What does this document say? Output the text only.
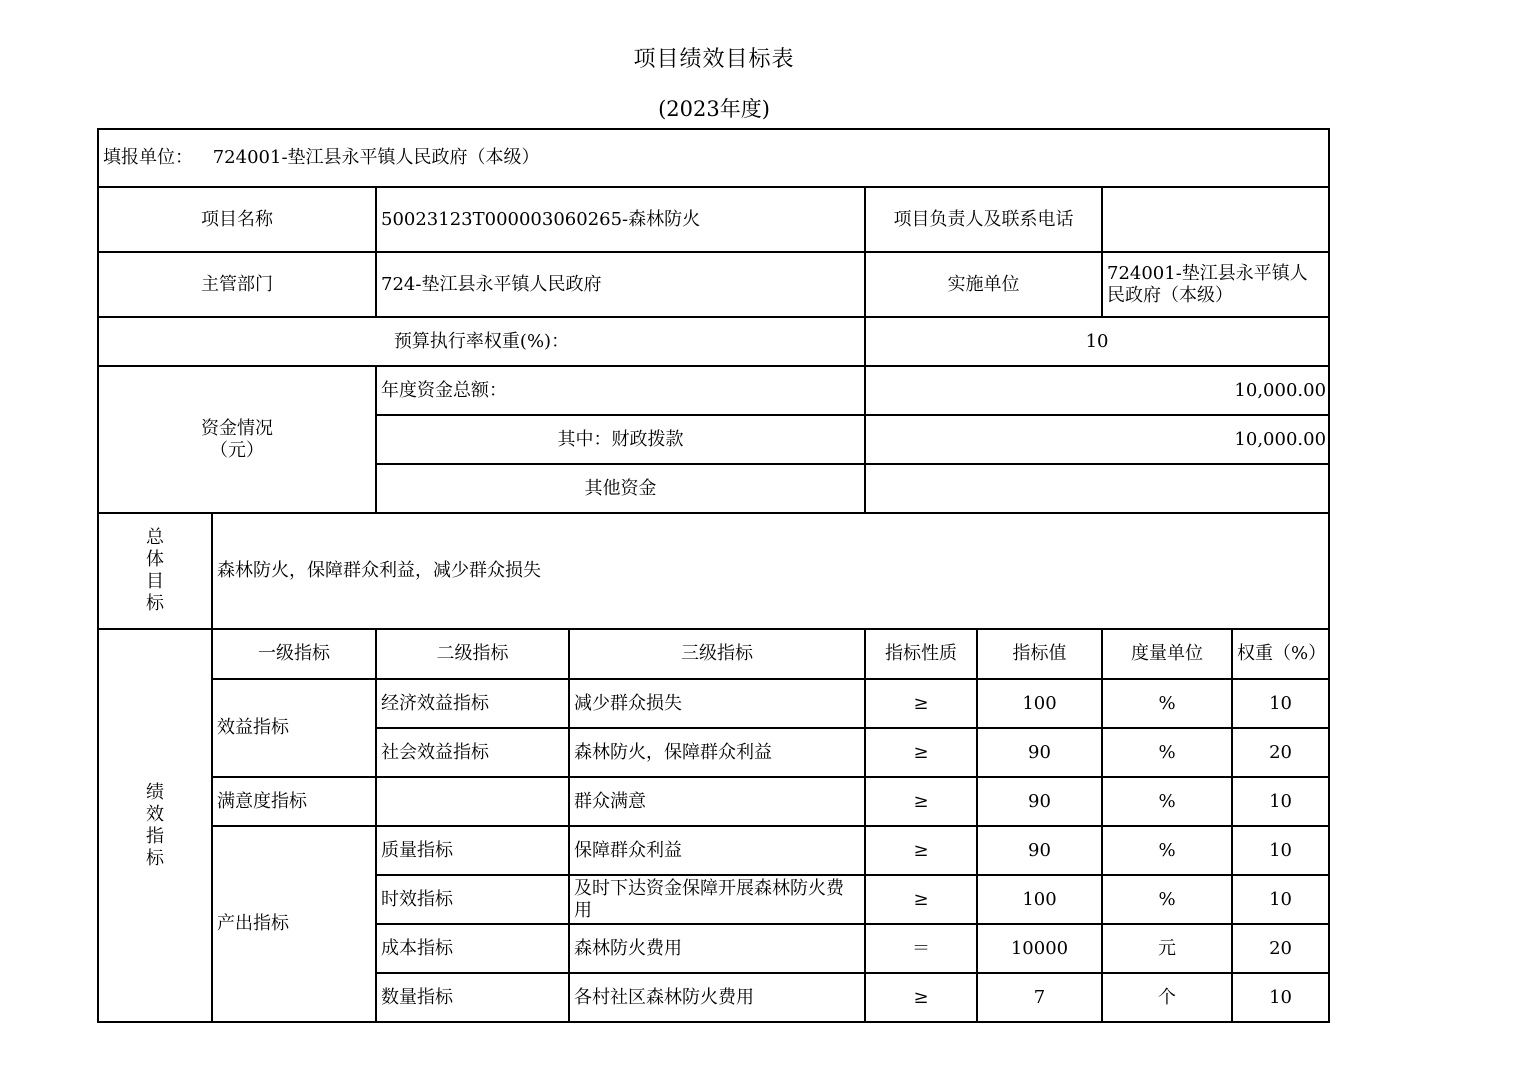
项目绩效目标表
(2023年度)
填报单位： 724001-垫江县永平镇人民政府（本级）							
项目名称		50023123T000003060265-森林防火		项目负责人及联系电话			
主管部门		724-垫江县永平镇人民政府		实施单位		724001-垫江县永平镇人民政府（本级）	
预算执行率权重(%)：				10			

资金情况
（元）		年度资金总额：		10,000.00			
		其中：财政拨款		10,000.00			
		其他资金					

总
体
目
标	森林防火，保障群众利益，减少群众损失						

绩
效
指
标	一级指标	二级指标	三级指标	指标性质	指标值	度量单位	权重（%）
	效益指标	经济效益指标	减少群众损失	≥	100	%	10
		社会效益指标	森林防火，保障群众利益	≥	90	%	20
	满意度指标		群众满意	≥	90	%	10
	产出指标	质量指标	保障群众利益	≥	90	%	10
		时效指标	及时下达资金保障开展森林防火费用	≥	100	%	10
		成本指标	森林防火费用	＝	10000	元	20
		数量指标	各村社区森林防火费用	≥	7	个	10
